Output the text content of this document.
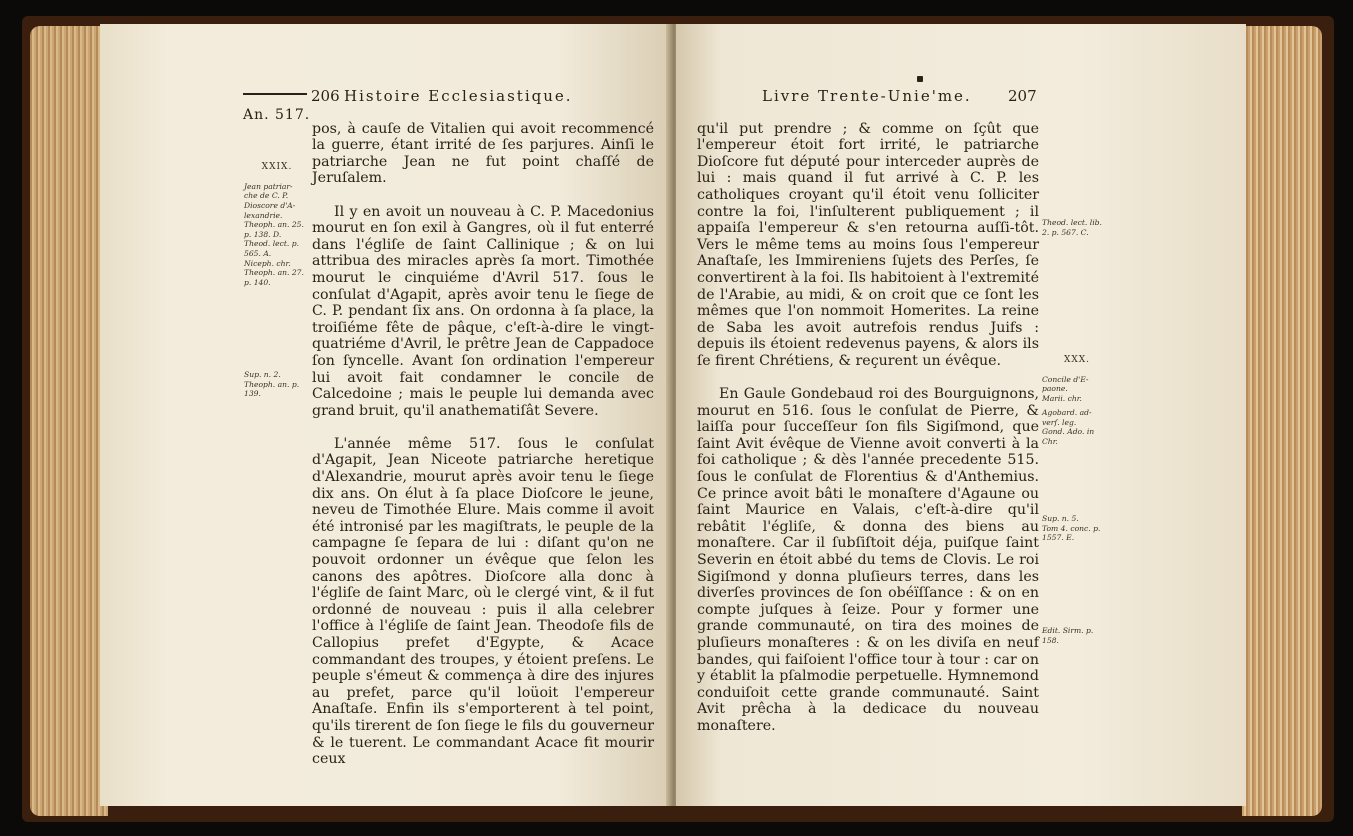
An. 517.
206 Histoire Ecclesiastique.

XXIX.

Jean patriar-
che de C. P.
Dioscore d'A-
lexandrie.
Theoph. an. 25.
p. 138. D.
Theod. lect. p.
565. A.
Niceph. chr.
Theoph. an. 27.
p. 140.

Sup. n. 2.
Theoph. an. p.
139.

pos, à cauſe de Vitalien qui avoit recommencé la guerre, étant irrité de ſes parjures. Ainſi le patriarche Jean ne fut point chaſſé de Jeruſalem.

Il y en avoit un nouveau à C. P. Macedonius mourut en ſon exil à Gangres, où il fut enterré dans l'égliſe de ſaint Callinique ; & on lui attribua des miracles après ſa mort. Timothée mourut le cinquiéme d'Avril 517. ſous le conſulat d'Agapit, après avoir tenu le ſiege de C. P. pendant ſix ans. On ordonna à ſa place, la troiſiéme fête de pâque, c'eſt-à-dire le vingt-quatriéme d'Avril, le prêtre Jean de Cappadoce ſon ſyncelle. Avant ſon ordination l'empereur lui avoit fait condamner le concile de Calcedoine ; mais le peuple lui demanda avec grand bruit, qu'il anathematiſât Severe.

L'année même 517. ſous le conſulat d'Agapit, Jean Niceote patriarche heretique d'Alexandrie, mourut après avoir tenu le ſiege dix ans. On élut à ſa place Dioſcore le jeune, neveu de Timothée Elure. Mais comme il avoit été intronisé par les magiſtrats, le peuple de la campagne ſe ſepara de lui : diſant qu'on ne pouvoit ordonner un évêque que ſelon les canons des apôtres. Dioſcore alla donc à l'égliſe de ſaint Marc, où le clergé vint, & il fut ordonné de nouveau : puis il alla celebrer l'office à l'égliſe de ſaint Jean. Theodoſe fils de Callopius prefet d'Egypte, & Acace commandant des troupes, y étoient preſens. Le peuple s'émeut & commença à dire des injures au prefet, parce qu'il loüoit l'empereur Anaſtaſe. Enfin ils s'emporterent à tel point, qu'ils tirerent de ſon ſiege le fils du gouverneur & le tuerent. Le commandant Acace fit mourir ceux

Livre Trente-Unie'me. 207

qu'il put prendre ; & comme on ſçût que l'empereur étoit fort irrité, le patriarche Dioſcore fut député pour interceder auprès de lui : mais quand il fut arrivé à C. P. les catholiques croyant qu'il étoit venu ſolliciter contre la foi, l'inſulterent publiquement ; il appaiſa l'empereur & s'en retourna auſſi-tôt. Vers le même tems au moins ſous l'empereur Anaſtaſe, les Immireniens ſujets des Perſes, ſe convertirent à la foi. Ils habitoient à l'extremité de l'Arabie, au midi, & on croit que ce ſont les mêmes que l'on nommoit Homerites. La reine de Saba les avoit autrefois rendus Juifs : depuis ils étoient redevenus payens, & alors ils ſe firent Chrétiens, & reçurent un évêque.

En Gaule Gondebaud roi des Bourguignons, mourut en 516. ſous le conſulat de Pierre, & laiſſa pour ſucceſſeur ſon fils Sigiſmond, que ſaint Avit évêque de Vienne avoit converti à la foi catholique ; & dès l'année precedente 515. ſous le conſulat de Florentius & d'Anthemius. Ce prince avoit bâti le monaſtere d'Agaune ou ſaint Maurice en Valais, c'eſt-à-dire qu'il rebâtit l'égliſe, & donna des biens au monaſtere. Car il ſubſiſtoit déja, puiſque ſaint Severin en étoit abbé du tems de Clovis. Le roi Sigiſmond y donna pluſieurs terres, dans les diverſes provinces de ſon obéïſſance : & on en compte juſques à ſeize. Pour y former une grande communauté, on tira des moines de pluſieurs monaſteres : & on les diviſa en neuf bandes, qui faiſoient l'office tour à tour : car on y établit la pſalmodie perpetuelle. Hymnemond conduiſoit cette grande communauté. Saint Avit prêcha à la dedicace du nouveau monaſtere.

Theod. lect. lib.
2. p. 567. C.

XXX.

Concile d'E-
paone.
Marii. chr.

Agobard. ad-
verſ. leg.
Gond. Ado. in
Chr.
Sup. n. 5.
Tom 4. conc. p.
1557. E.
Edit. Sirm. p.
158.
